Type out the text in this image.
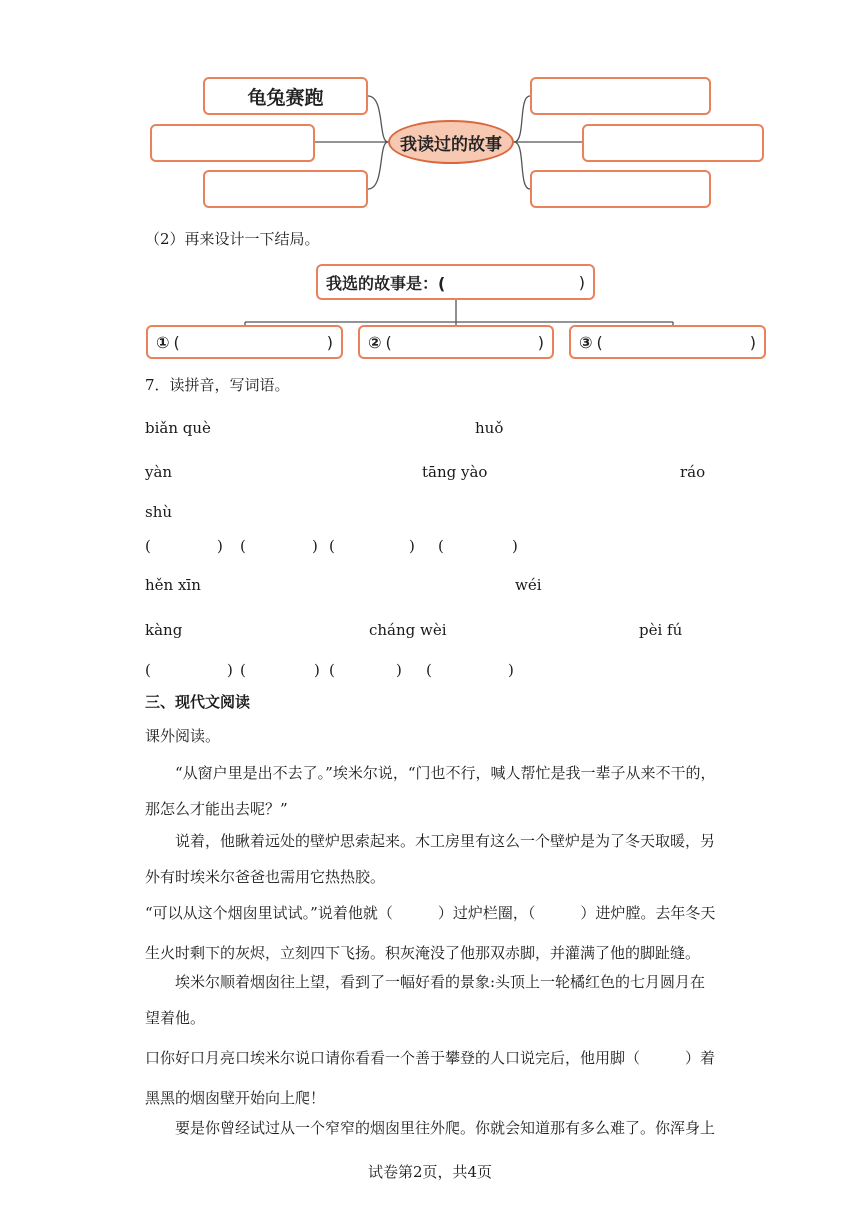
龟兔赛跑
我读过的故事
（2）再来设计一下结局。
我选的故事是：(	)
① (	) ② (	) ③ (	)
7．读拼音，写词语。
biǎn què	huǒ
yàn	tāng yào	ráo
shù
(	) (	) (	) (	)
hěn xīn	wéi
kàng	cháng wèi	pèi fú
(	) (	) (	) (	)
三、现代文阅读
课外阅读。
“从窗户里是出不去了。”埃米尔说，“门也不行，喊人帮忙是我一辈子从来不干的，那怎么才能出去呢？”
说着，他瞅着远处的壁炉思索起来。木工房里有这么一个壁炉是为了冬天取暖，另外有时埃米尔爸爸也需用它热热胶。
“可以从这个烟囱里试试。”说着他就（　　　）过炉栏圈，（　　　）进炉膛。去年冬天生火时剩下的灰烬，立刻四下飞扬。积灰淹没了他那双赤脚，并灌满了他的脚趾缝。
埃米尔顺着烟囱往上望，看到了一幅好看的景象:头顶上一轮橘红色的七月圆月在望着他。
口你好口月亮口埃米尔说口请你看看一个善于攀登的人口说完后，他用脚（　　　）着黑黑的烟囱壁开始向上爬！
要是你曾经试过从一个窄窄的烟囱里往外爬。你就会知道那有多么难了。你浑身上
试卷第2页，共4页
